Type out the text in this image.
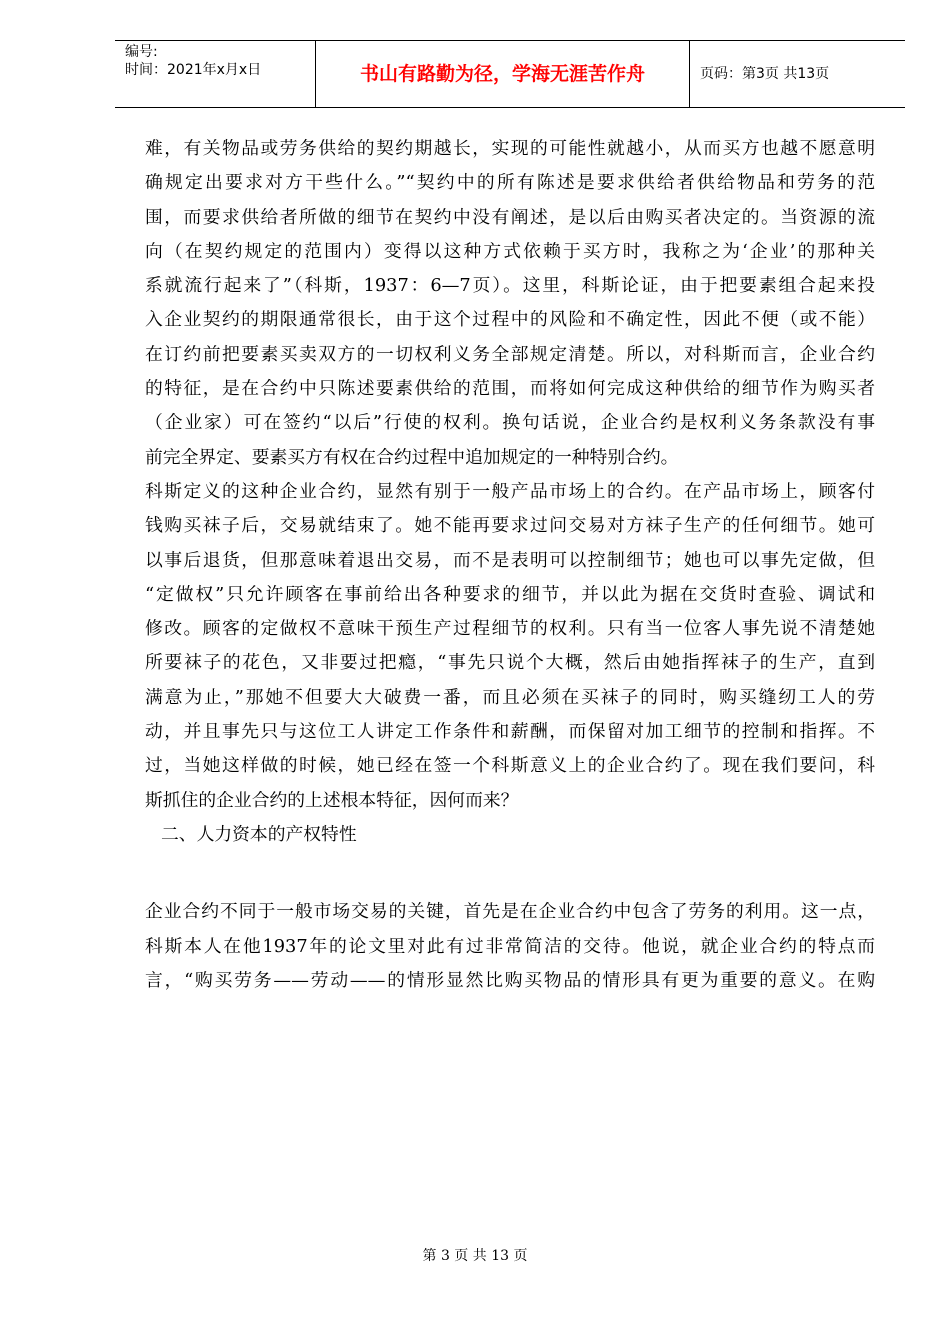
编号:
时间：2021年x月x日	书山有路勤为径，学海无涯苦作舟	页码：第3页 共13页
难，有关物品或劳务供给的契约期越长，实现的可能性就越小，从而买方也越不愿意明
确规定出要求对方干些什么。”“契约中的所有陈述是要求供给者供给物品和劳务的范
围，而要求供给者所做的细节在契约中没有阐述，是以后由购买者决定的。当资源的流
向（在契约规定的范围内）变得以这种方式依赖于买方时，我称之为‘企业’的那种关
系就流行起来了”（科斯，1937：6—7页）。这里，科斯论证，由于把要素组合起来投
入企业契约的期限通常很长，由于这个过程中的风险和不确定性，因此不便（或不能）
在订约前把要素买卖双方的一切权利义务全部规定清楚。所以，对科斯而言，企业合约
的特征，是在合约中只陈述要素供给的范围，而将如何完成这种供给的细节作为购买者
（企业家）可在签约“以后”行使的权利。换句话说，企业合约是权利义务条款没有事
前完全界定、要素买方有权在合约过程中追加规定的一种特别合约。
科斯定义的这种企业合约，显然有别于一般产品市场上的合约。在产品市场上，顾客付
钱购买袜子后，交易就结束了。她不能再要求过问交易对方袜子生产的任何细节。她可
以事后退货，但那意味着退出交易，而不是表明可以控制细节；她也可以事先定做，但
“定做权”只允许顾客在事前给出各种要求的细节，并以此为据在交货时查验、调试和
修改。顾客的定做权不意味干预生产过程细节的权利。只有当一位客人事先说不清楚她
所要袜子的花色，又非要过把瘾，“事先只说个大概，然后由她指挥袜子的生产，直到
满意为止，”那她不但要大大破费一番，而且必须在买袜子的同时，购买缝纫工人的劳
动，并且事先只与这位工人讲定工作条件和薪酬，而保留对加工细节的控制和指挥。不
过，当她这样做的时候，她已经在签一个科斯意义上的企业合约了。现在我们要问，科
斯抓住的企业合约的上述根本特征，因何而来？
二、人力资本的产权特性
企业合约不同于一般市场交易的关键，首先是在企业合约中包含了劳务的利用。这一点，
科斯本人在他1937年的论文里对此有过非常简洁的交待。他说，就企业合约的特点而
言，“购买劳务——劳动——的情形显然比购买物品的情形具有更为重要的意义。在购
第 3 页 共 13 页
